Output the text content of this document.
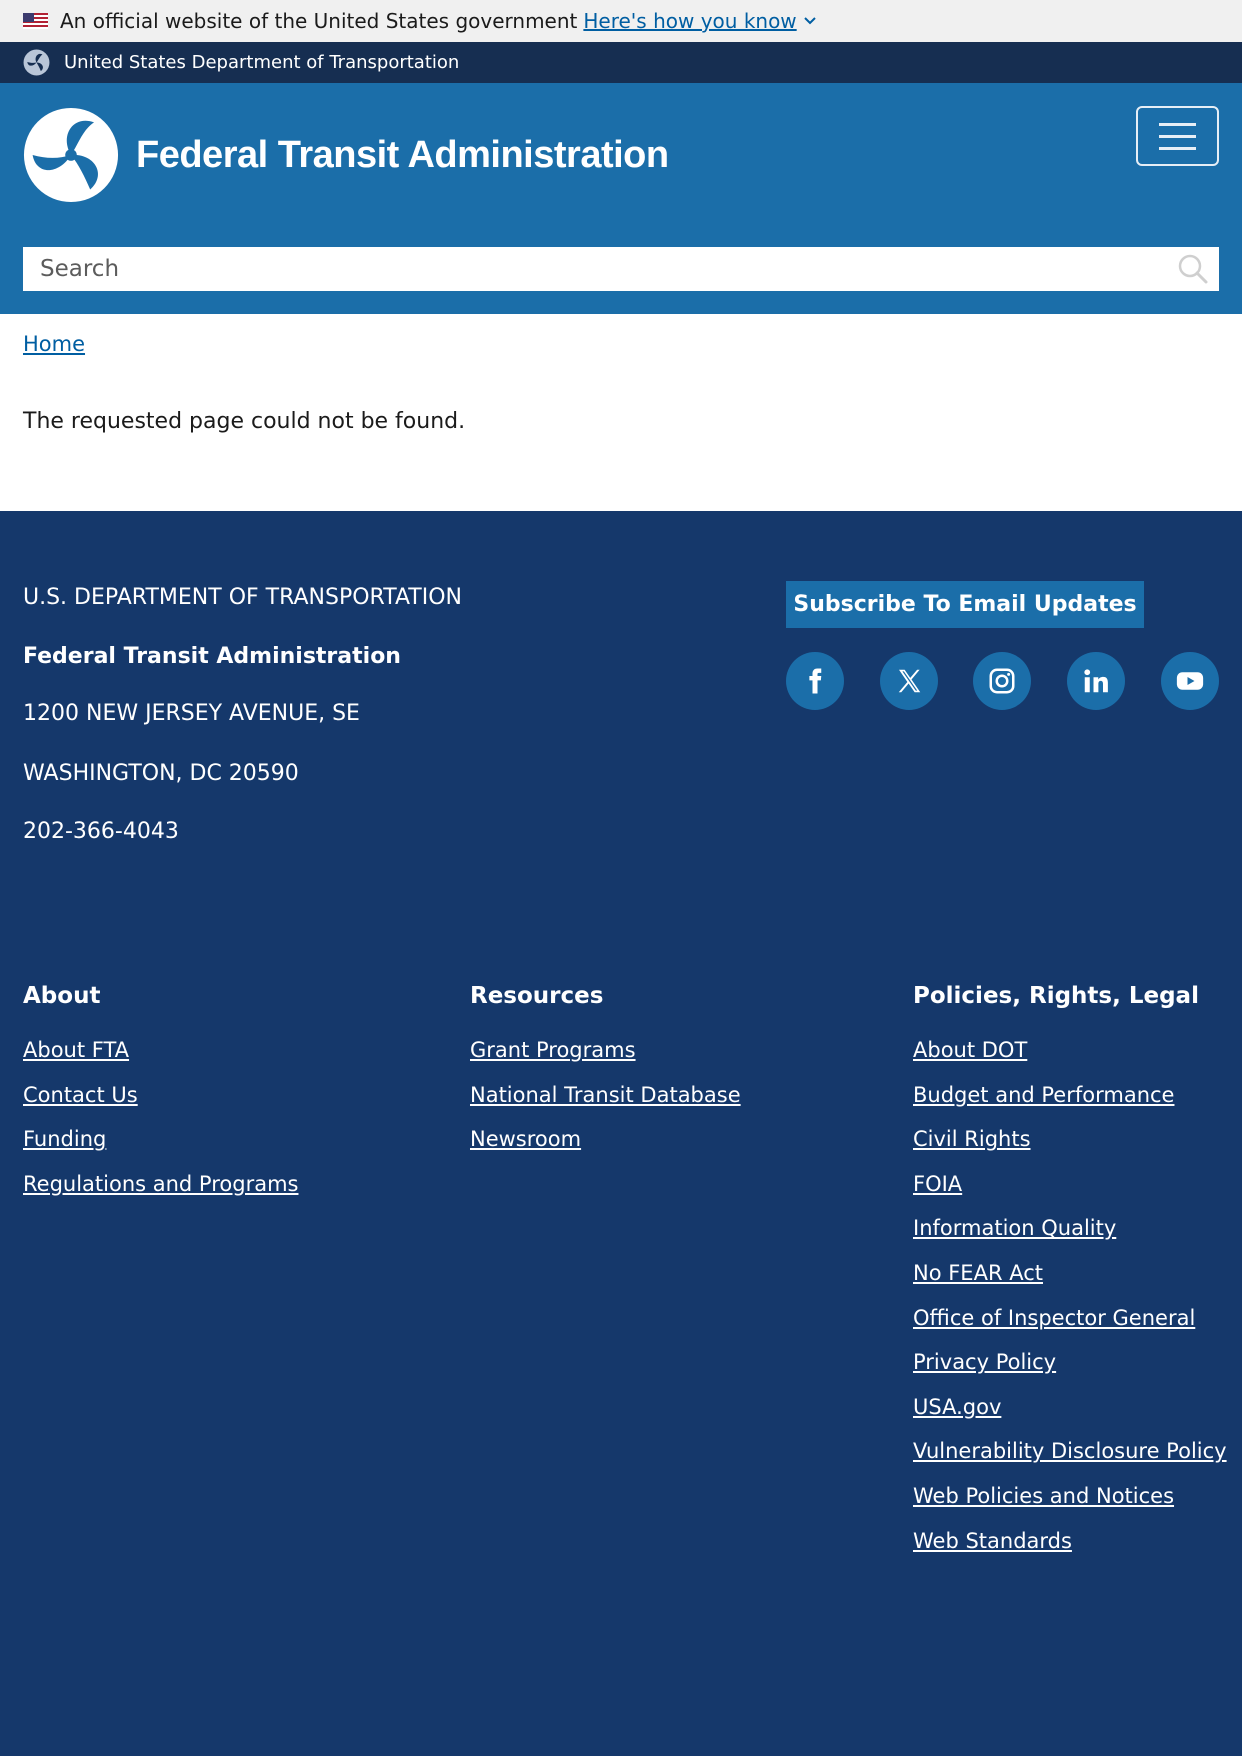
An official website of the United States government Here's how you know
United States Department of Transportation
Federal Transit Administration
Search
Home

The requested page could not be found.

U.S. DEPARTMENT OF TRANSPORTATION
Federal Transit Administration
1200 NEW JERSEY AVENUE, SE
WASHINGTON, DC 20590
202-366-4043
Subscribe To Email Updates
About
About FTA
Contact Us
Funding
Regulations and Programs
Resources
Grant Programs
National Transit Database
Newsroom
Policies, Rights, Legal
About DOT
Budget and Performance
Civil Rights
FOIA
Information Quality
No FEAR Act
Office of Inspector General
Privacy Policy
USA.gov
Vulnerability Disclosure Policy
Web Policies and Notices
Web Standards
